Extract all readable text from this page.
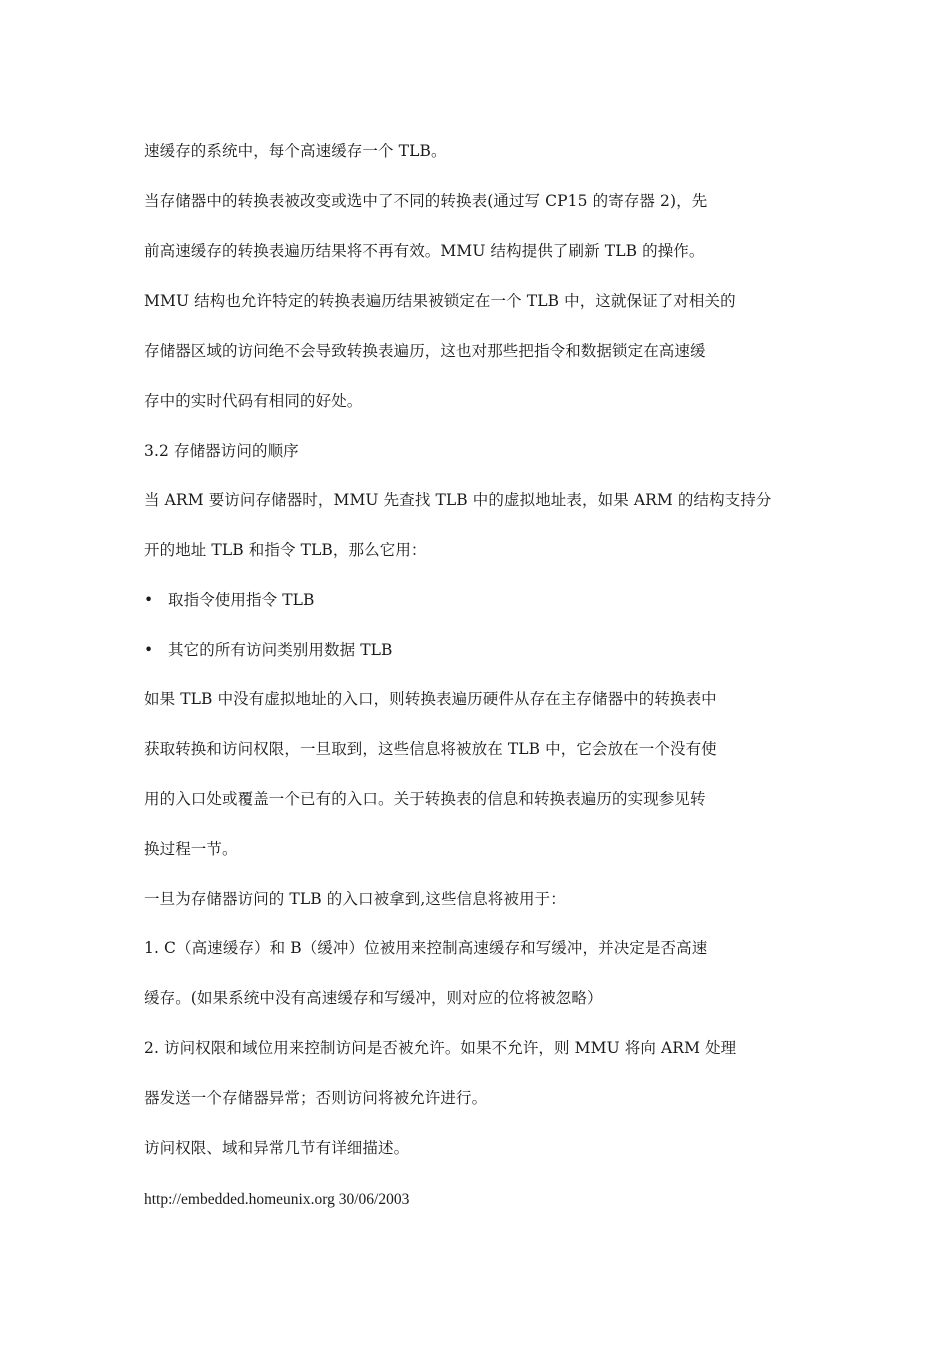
速缓存的系统中，每个高速缓存一个 TLB。
当存储器中的转换表被改变或选中了不同的转换表(通过写 CP15 的寄存器 2)，先
前高速缓存的转换表遍历结果将不再有效。MMU 结构提供了刷新 TLB 的操作。
MMU 结构也允许特定的转换表遍历结果被锁定在一个 TLB 中，这就保证了对相关的
存储器区域的访问绝不会导致转换表遍历，这也对那些把指令和数据锁定在高速缓
存中的实时代码有相同的好处。
3.2 存储器访问的顺序
当 ARM 要访问存储器时，MMU 先查找 TLB 中的虚拟地址表，如果 ARM 的结构支持分
开的地址 TLB 和指令 TLB，那么它用：
• 取指令使用指令 TLB
• 其它的所有访问类别用数据 TLB
如果 TLB 中没有虚拟地址的入口，则转换表遍历硬件从存在主存储器中的转换表中
获取转换和访问权限，一旦取到，这些信息将被放在 TLB 中，它会放在一个没有使
用的入口处或覆盖一个已有的入口。关于转换表的信息和转换表遍历的实现参见转
换过程一节。
一旦为存储器访问的 TLB 的入口被拿到,这些信息将被用于：
1. C（高速缓存）和 B（缓冲）位被用来控制高速缓存和写缓冲，并决定是否高速
缓存。(如果系统中没有高速缓存和写缓冲，则对应的位将被忽略）
2. 访问权限和域位用来控制访问是否被允许。如果不允许，则 MMU 将向 ARM 处理
器发送一个存储器异常；否则访问将被允许进行。
访问权限、域和异常几节有详细描述。
http://embedded.homeunix.org 30/06/2003
